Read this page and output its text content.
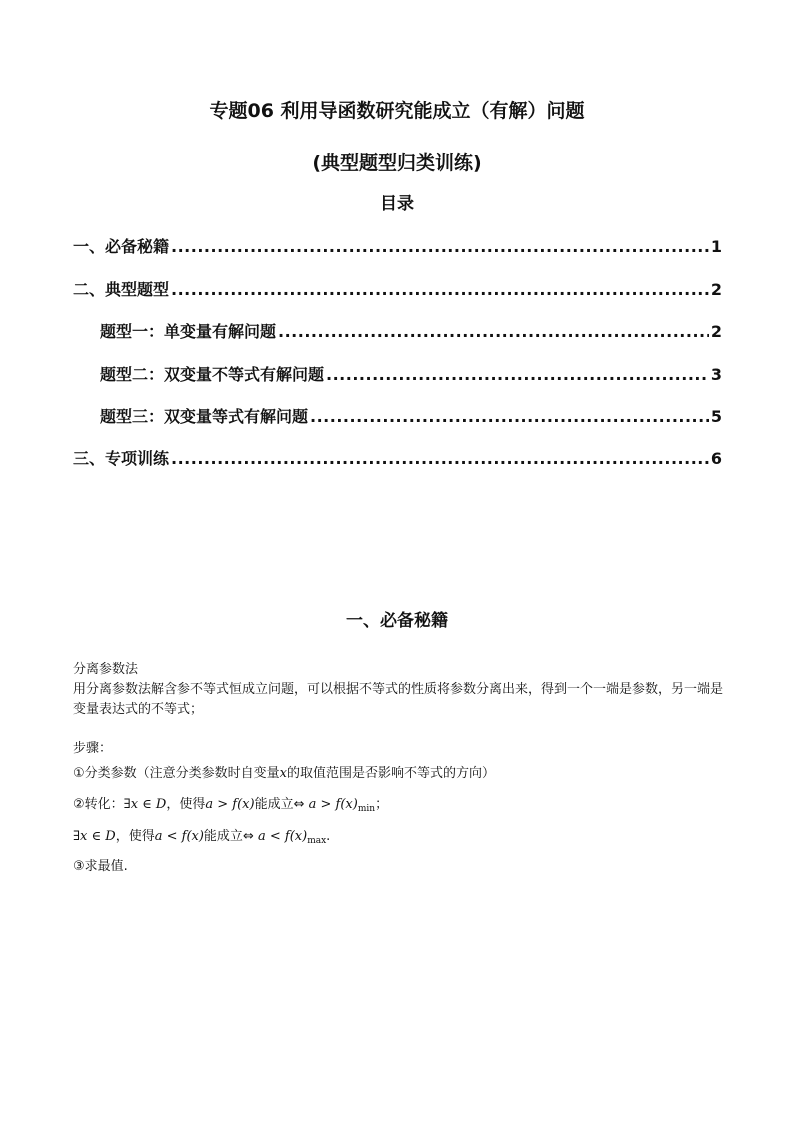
专题06 利用导函数研究能成立（有解）问题
(典型题型归类训练)
目录
一、必备秘籍 .....	1
二、典型题型 .....	2
题型一：单变量有解问题 .....	2
题型二：双变量不等式有解问题 .....	3
题型三：双变量等式有解问题 .....	5
三、专项训练 .....	6
一、必备秘籍
分离参数法
用分离参数法解含参不等式恒成立问题，可以根据不等式的性质将参数分离出来，得到一个一端是参数，另一端是变量表达式的不等式；
步骤：
①分类参数（注意分类参数时自变量x的取值范围是否影响不等式的方向）
②转化：∃x ∈ D，使得a > f(x)能成立⇔ $a > f(x)_{min}$；
∃x ∈ D，使得a < f(x)能成立⇔ $a < f(x)_{max}$.
③求最值.
